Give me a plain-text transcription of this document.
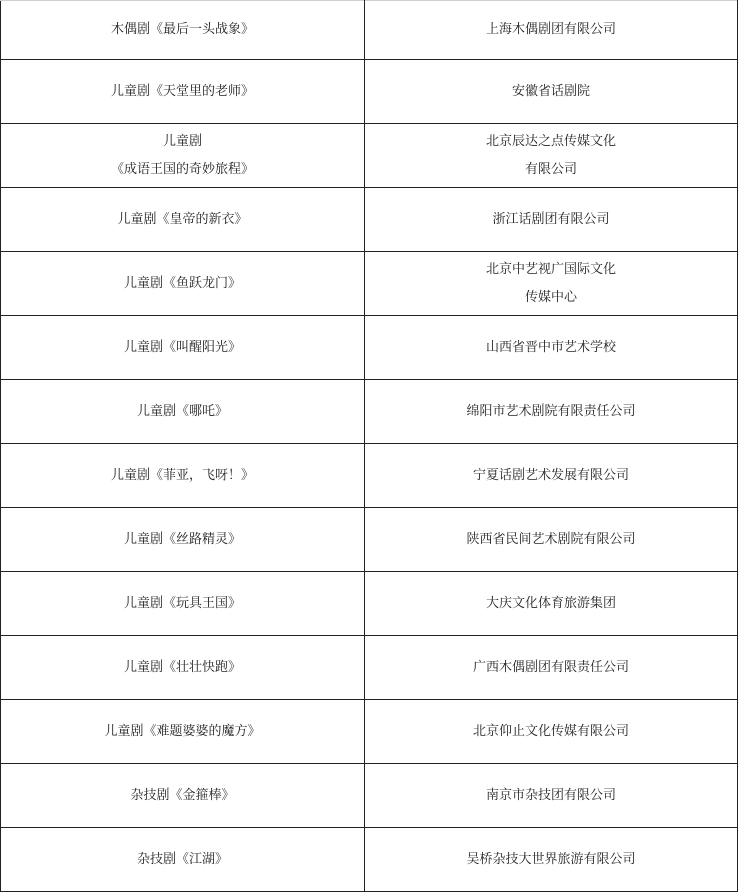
木偶剧《最后一头战象》	上海木偶剧团有限公司

儿童剧《天堂里的老师》	安徽省话剧院

儿童剧
《成语王国的奇妙旅程》	北京辰达之点传媒文化
有限公司

儿童剧《皇帝的新衣》	浙江话剧团有限公司

儿童剧《鱼跃龙门》	北京中艺视广国际文化
传媒中心

儿童剧《叫醒阳光》	山西省晋中市艺术学校

儿童剧《哪吒》	绵阳市艺术剧院有限责任公司

儿童剧《菲亚，飞呀！》	宁夏话剧艺术发展有限公司

儿童剧《丝路精灵》	陕西省民间艺术剧院有限公司

儿童剧《玩具王国》	大庆文化体育旅游集团

儿童剧《壮壮快跑》	广西木偶剧团有限责任公司

儿童剧《难题婆婆的魔方》	北京仰止文化传媒有限公司

杂技剧《金箍棒》	南京市杂技团有限公司

杂技剧《江湖》	吴桥杂技大世界旅游有限公司
